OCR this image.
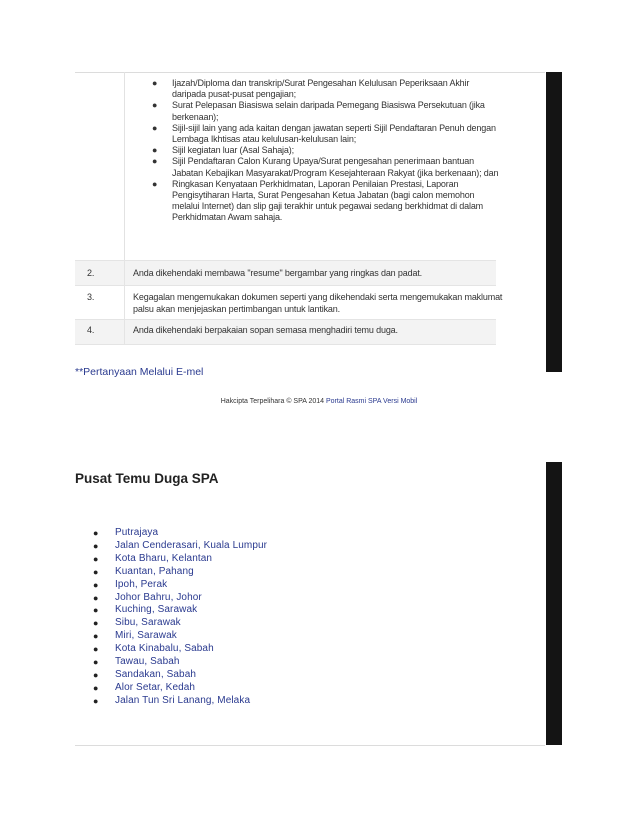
● Ijazah/Diploma dan transkrip/Surat Pengesahan Kelulusan Peperiksaan Akhir daripada pusat-pusat pengajian;
● Surat Pelepasan Biasiswa selain daripada Pemegang Biasiswa Persekutuan (jika berkenaan);
● Sijil-sijil lain yang ada kaitan dengan jawatan seperti Sijil Pendaftaran Penuh dengan Lembaga Ikhtisas atau kelulusan-kelulusan lain;
● Sijil kegiatan luar (Asal Sahaja);
● Sijil Pendaftaran Calon Kurang Upaya/Surat pengesahan penerimaan bantuan Jabatan Kebajikan Masyarakat/Program Kesejahteraan Rakyat (jika berkenaan); dan
● Ringkasan Kenyataan Perkhidmatan, Laporan Penilaian Prestasi, Laporan Pengisytiharan Harta, Surat Pengesahan Ketua Jabatan (bagi calon memohon melalui Internet) dan slip gaji terakhir untuk pegawai sedang berkhidmat di dalam Perkhidmatan Awam sahaja.
2.	Anda dikehendaki membawa "resume" bergambar yang ringkas dan padat.
3.	Kegagalan mengemukakan dokumen seperti yang dikehendaki serta mengemukakan maklumat palsu akan menjejaskan pertimbangan untuk lantikan.
4.	Anda dikehendaki berpakaian sopan semasa menghadiri temu duga.
**Pertanyaan Melalui E-mel
Hakcipta Terpelihara © SPA 2014 Portal Rasmi SPA Versi Mobil
Pusat Temu Duga SPA
● Putrajaya
● Jalan Cenderasari, Kuala Lumpur
● Kota Bharu, Kelantan
● Kuantan, Pahang
● Ipoh, Perak
● Johor Bahru, Johor
● Kuching, Sarawak
● Sibu, Sarawak
● Miri, Sarawak
● Kota Kinabalu, Sabah
● Tawau, Sabah
● Sandakan, Sabah
● Alor Setar, Kedah
● Jalan Tun Sri Lanang, Melaka
